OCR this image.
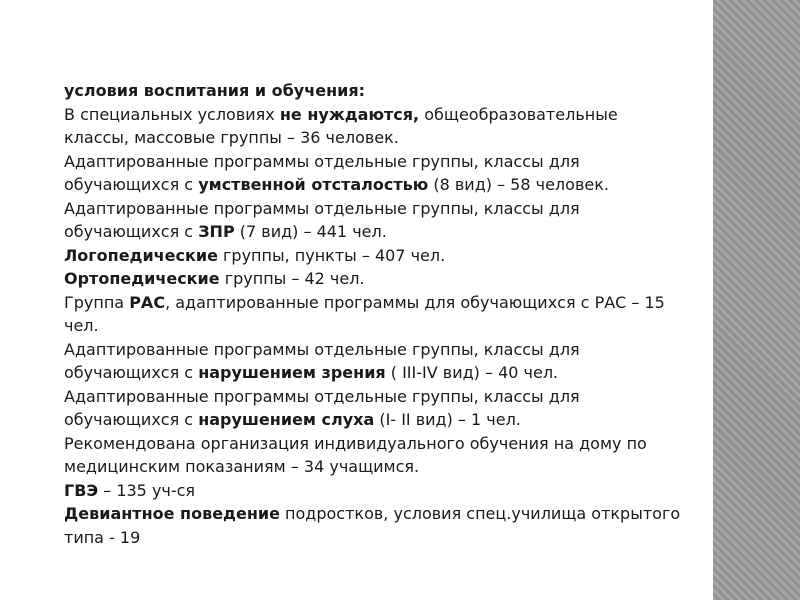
условия воспитания и обучения:
В специальных условиях не нуждаются, общеобразовательные
классы, массовые группы – 36 человек.
Адаптированные программы отдельные группы, классы для
обучающихся с умственной отсталостью (8 вид) – 58 человек.
Адаптированные программы отдельные группы, классы для
обучающихся с ЗПР (7 вид) – 441 чел.
Логопедические группы, пункты – 407 чел.
Ортопедические группы – 42 чел.
Группа РАС, адаптированные программы для обучающихся с РАС – 15
чел.
Адаптированные программы отдельные группы, классы для
обучающихся с нарушением зрения ( III-IV вид) – 40 чел.
Адаптированные программы отдельные группы, классы для
обучающихся с нарушением слуха (I- II вид) – 1 чел.
Рекомендована организация индивидуального обучения на дому по
медицинским показаниям – 34 учащимся.
ГВЭ – 135 уч-ся
Девиантное поведение подростков, условия спец.училища открытого
типа - 19
